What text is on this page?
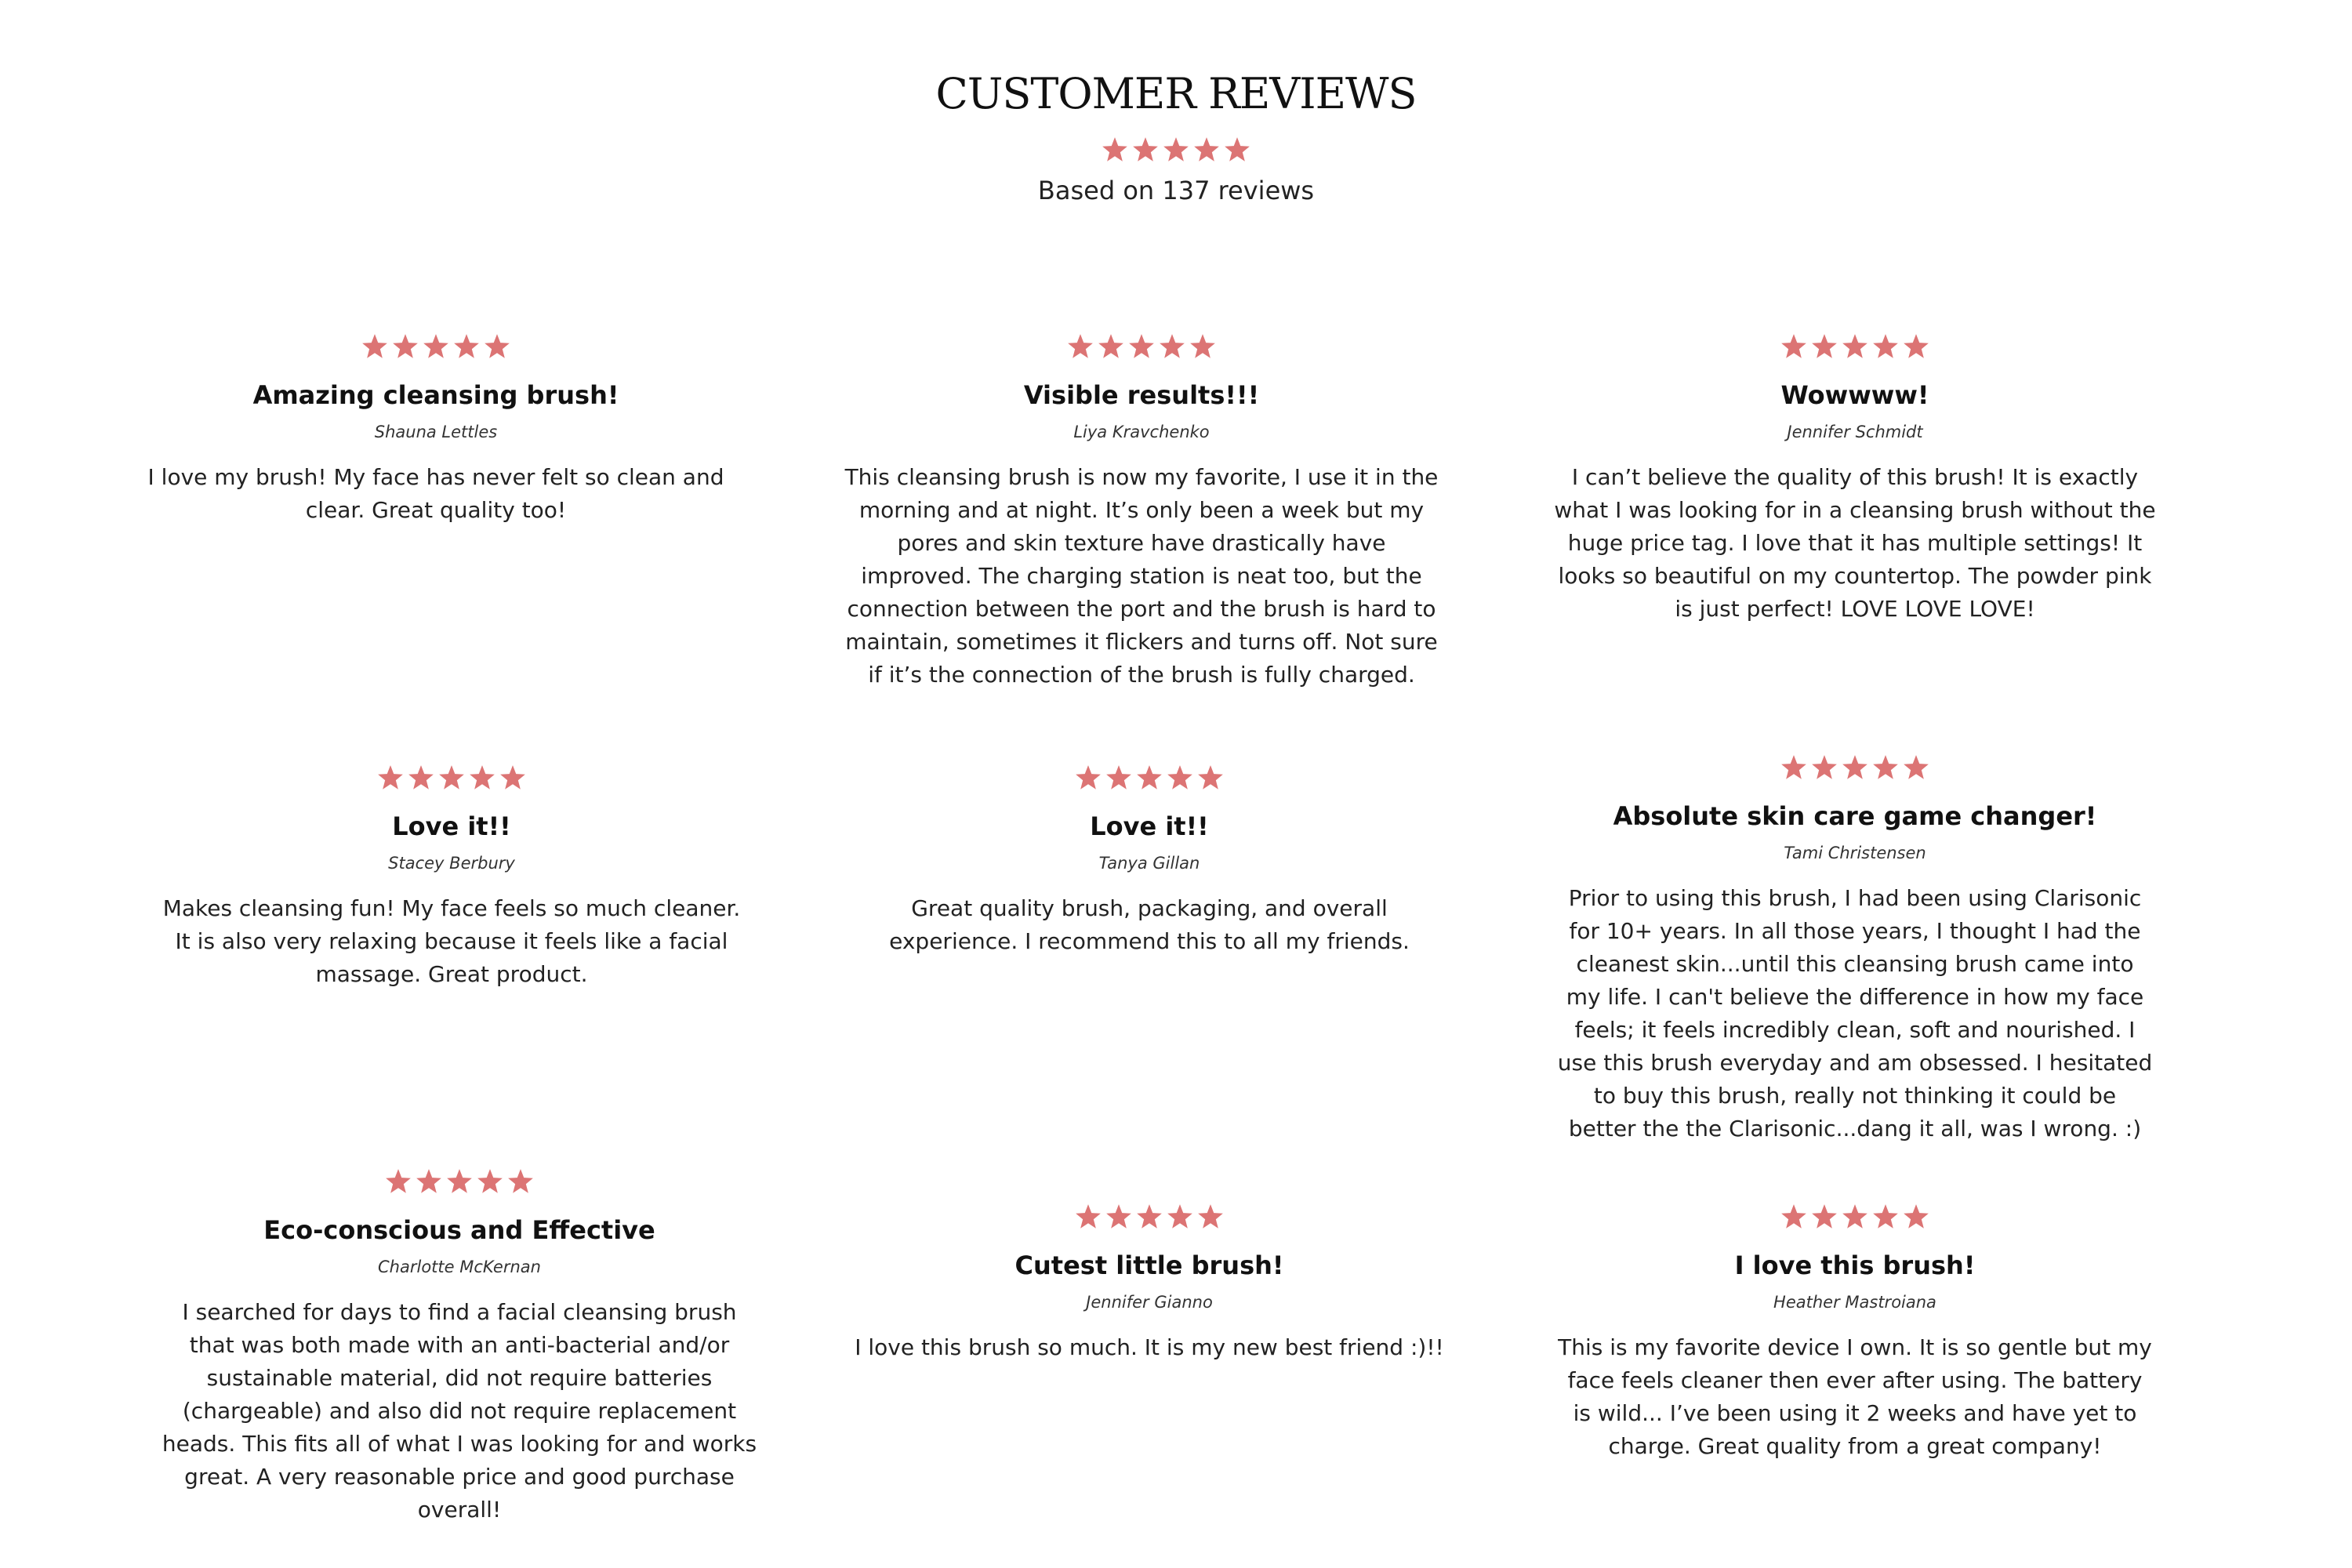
CUSTOMER REVIEWS
Based on 137 reviews
Amazing cleansing brush!
Shauna Lettles
I love my brush! My face has never felt so clean and clear. Great quality too!
Visible results!!!
Liya Kravchenko
This cleansing brush is now my favorite, I use it in the morning and at night. It’s only been a week but my pores and skin texture have drastically have improved. The charging station is neat too, but the connection between the port and the brush is hard to maintain, sometimes it flickers and turns off. Not sure if it’s the connection of the brush is fully charged.
Wowwww!
Jennifer Schmidt
I can’t believe the quality of this brush! It is exactly what I was looking for in a cleansing brush without the huge price tag. I love that it has multiple settings! It looks so beautiful on my countertop. The powder pink is just perfect! LOVE LOVE LOVE!
Love it!!
Stacey Berbury
Makes cleansing fun! My face feels so much cleaner. It is also very relaxing because it feels like a facial massage. Great product.
Love it!!
Tanya Gillan
Great quality brush, packaging, and overall experience. I recommend this to all my friends.
Absolute skin care game changer!
Tami Christensen
Prior to using this brush, I had been using Clarisonic for 10+ years. In all those years, I thought I had the cleanest skin...until this cleansing brush came into my life. I can't believe the difference in how my face feels; it feels incredibly clean, soft and nourished. I use this brush everyday and am obsessed. I hesitated to buy this brush, really not thinking it could be better the the Clarisonic...dang it all, was I wrong. :)
Eco-conscious and Effective
Charlotte McKernan
I searched for days to find a facial cleansing brush that was both made with an anti-bacterial and/or sustainable material, did not require batteries (chargeable) and also did not require replacement heads. This fits all of what I was looking for and works great. A very reasonable price and good purchase overall!
Cutest little brush!
Jennifer Gianno
I love this brush so much. It is my new best friend :)!!
I love this brush!
Heather Mastroiana
This is my favorite device I own. It is so gentle but my face feels cleaner then ever after using. The battery is wild... I’ve been using it 2 weeks and have yet to charge. Great quality from a great company!
